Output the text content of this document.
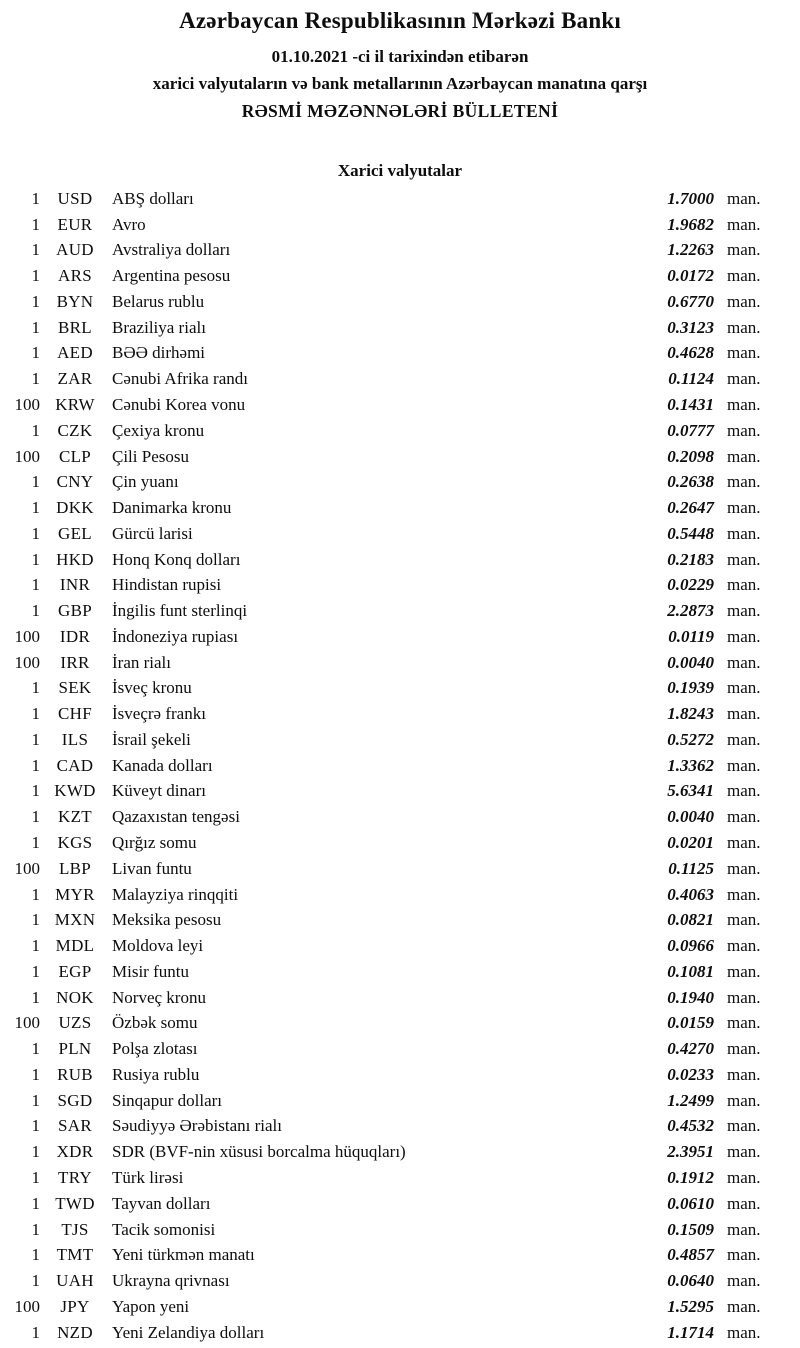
Azərbaycan Respublikasının Mərkəzi Bankı
01.10.2021 -ci il tarixindən etibarən
xarici valyutaların və bank metallarının Azərbaycan manatına qarşı
RƏSMİ MƏZƏNNƏLƏRİ BÜLLETENİ
Xarici valyutalar
1	USD	ABŞ dolları	1.7000 man.
1	EUR	Avro	1.9682 man.
1 AUD	Avstraliya dolları	1.2263 man.
1	ARS	Argentina pesosu	0.0172 man.
1 BYN	Belarus rublu	0.6770 man.
1	BRL	Braziliya rialı	0.3123 man.
1	AED	BƏƏ dirhəmi	0.4628 man.
1	ZAR	Cənubi Afrika randı	0.1124 man.
100 KRW	Cənubi Korea vonu	0.1431 man.
1	CZK	Çexiya kronu	0.0777 man.
100	CLP	Çili Pesosu	0.2098 man.
1 CNY	Çin yuanı	0.2638 man.
1 DKK	Danimarka kronu	0.2647 man.
1	GEL	Gürcü larisi	0.5448 man.
1 HKD	Honq Konq dolları	0.2183 man.
1	INR	Hindistan rupisi	0.0229 man.
1	GBP	İngilis funt sterlinqi	2.2873 man.
100	IDR	İndoneziya rupiası	0.0119 man.
100	IRR	İran rialı	0.0040 man.
1	SEK	İsveç kronu	0.1939 man.
1	CHF	İsveçrə frankı	1.8243 man.
1	ILS	İsrail şekeli	0.5272 man.
1 CAD	Kanada dolları	1.3362 man.
1 KWD Küveyt dinarı	5.6341 man.
1	KZT	Qazaxıstan tengəsi	0.0040 man.
1	KGS	Qırğız somu	0.0201 man.
100	LBP	Livan funtu	0.1125 man.
1 MYR	Malayziya rinqqiti	0.4063 man.
1 MXN Meksika pesosu	0.0821 man.
1 MDL	Moldova leyi	0.0966 man.
1	EGP	Misir funtu	0.1081 man.
1 NOK	Norveç kronu	0.1940 man.
100	UZS	Özbək somu	0.0159 man.
1	PLN	Polşa zlotası	0.4270 man.
1	RUB	Rusiya rublu	0.0233 man.
1	SGD	Sinqapur dolları	1.2499 man.
1	SAR	Səudiyyə Ərəbistanı rialı	0.4532 man.
1 XDR	SDR (BVF-nin xüsusi borcalma hüquqları)	2.3951 man.
1	TRY	Türk lirəsi	0.1912 man.
1 TWD	Tayvan dolları	0.0610 man.
1	TJS	Tacik somonisi	0.1509 man.
1 TMT	Yeni türkmən manatı	0.4857 man.
1 UAH	Ukrayna qrivnası	0.0640 man.
100	JPY	Yapon yeni	1.5295 man.
1	NZD	Yeni Zelandiya dolları	1.1714 man.
